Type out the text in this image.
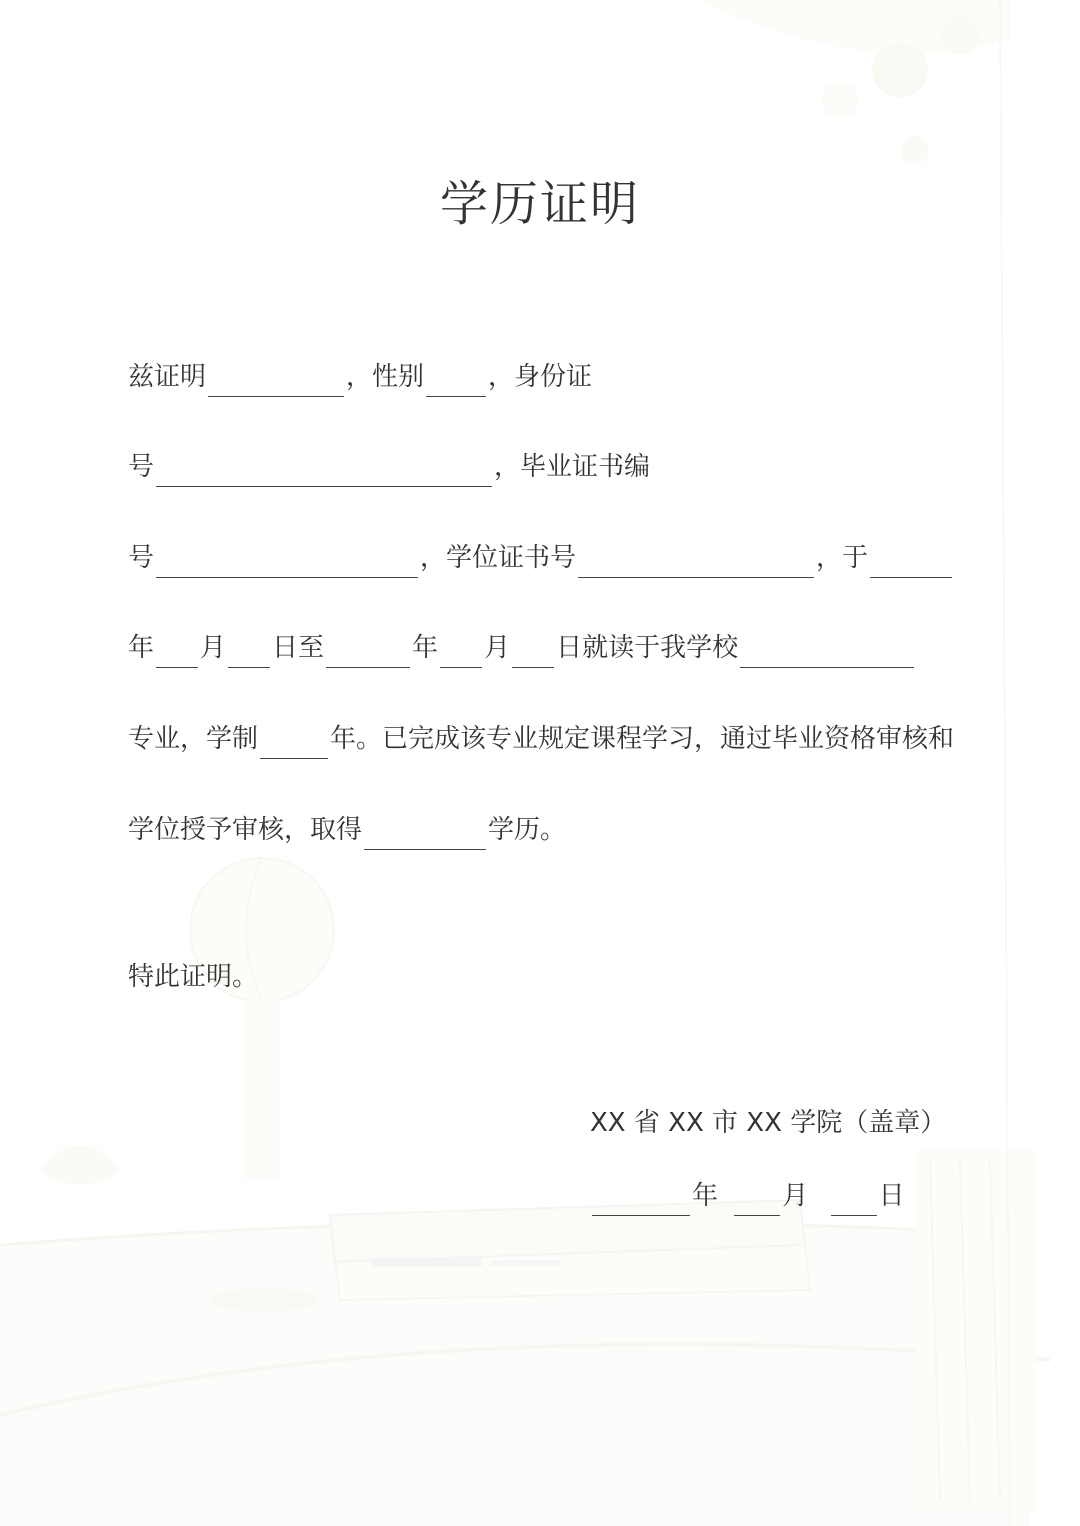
学历证明
兹证明	，性别 ，身份证
号	，毕业证书编
号	，学位证书号	，于
年 月 日至	年 月 日就读于我学校
专业，学制	年。已完成该专业规定课程学习，通过毕业资格审核和
学位授予审核，取得	学历。
特此证明。
XX 省 XX 市 XX 学院（盖章）
年 月	日
